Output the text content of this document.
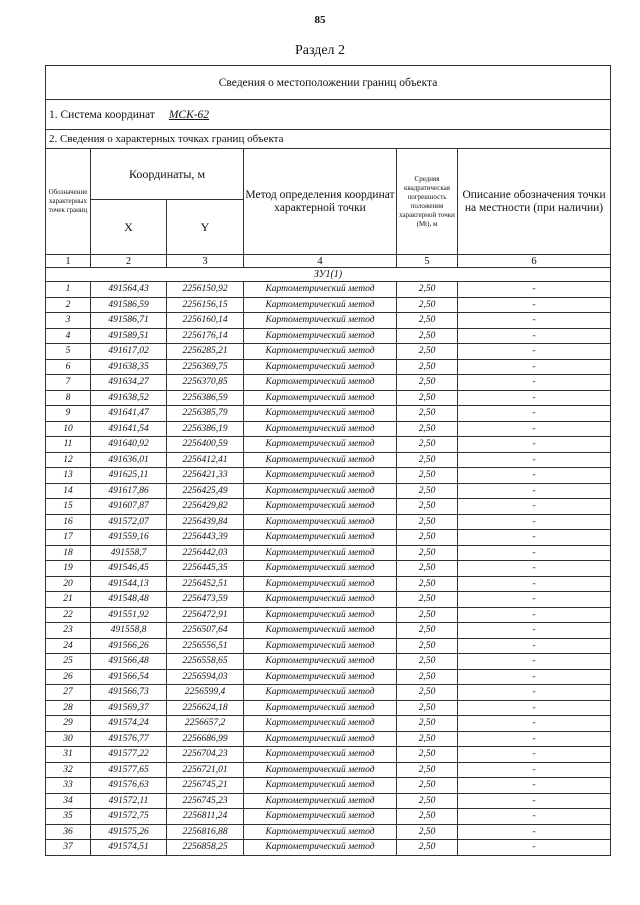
85
Раздел 2
Сведения о местоположении границ объекта					
1. Система координат МСК-62					
2. Сведения о характерных точках границ объекта					
Обозначение характерных точек границ	Координаты, м		Метод определения координат характерной точки	Средняя квадратическая погрешность положения характерной точки (Mt), м	Описание обозначения точки на местности (при наличии)
	X	Y			
1	2	3	4	5	6
ЗУ1(1)					
1	491564,43	2256150,92	Картометрический метод	2,50	-
2	491586,59	2256156,15	Картометрический метод	2,50	-
3	491586,71	2256160,14	Картометрический метод	2,50	-
4	491589,51	2256176,14	Картометрический метод	2,50	-
5	491617,02	2256285,21	Картометрический метод	2,50	-
6	491638,35	2256369,75	Картометрический метод	2,50	-
7	491634,27	2256370,85	Картометрический метод	2,50	-
8	491638,52	2256386,59	Картометрический метод	2,50	-
9	491641,47	2256385,79	Картометрический метод	2,50	-
10	491641,54	2256386,19	Картометрический метод	2,50	-
11	491640,92	2256400,59	Картометрический метод	2,50	-
12	491636,01	2256412,41	Картометрический метод	2,50	-
13	491625,11	2256421,33	Картометрический метод	2,50	-
14	491617,86	2256425,49	Картометрический метод	2,50	-
15	491607,87	2256429,82	Картометрический метод	2,50	-
16	491572,07	2256439,84	Картометрический метод	2,50	-
17	491559,16	2256443,39	Картометрический метод	2,50	-
18	491558,7	2256442,03	Картометрический метод	2,50	-
19	491546,45	2256445,35	Картометрический метод	2,50	-
20	491544,13	2256452,51	Картометрический метод	2,50	-
21	491548,48	2256473,59	Картометрический метод	2,50	-
22	491551,92	2256472,91	Картометрический метод	2,50	-
23	491558,8	2256507,64	Картометрический метод	2,50	-
24	491566,26	2256556,51	Картометрический метод	2,50	-
25	491566,48	2256558,65	Картометрический метод	2,50	-
26	491566,54	2256594,03	Картометрический метод	2,50	-
27	491566,73	2256599,4	Картометрический метод	2,50	-
28	491569,37	2256624,18	Картометрический метод	2,50	-
29	491574,24	2256657,2	Картометрический метод	2,50	-
30	491576,77	2256686,99	Картометрический метод	2,50	-
31	491577,22	2256704,23	Картометрический метод	2,50	-
32	491577,65	2256721,01	Картометрический метод	2,50	-
33	491576,63	2256745,21	Картометрический метод	2,50	-
34	491572,11	2256745,23	Картометрический метод	2,50	-
35	491572,75	2256811,24	Картометрический метод	2,50	-
36	491575,26	2256816,88	Картометрический метод	2,50	-
37	491574,51	2256858,25	Картометрический метод	2,50	-
